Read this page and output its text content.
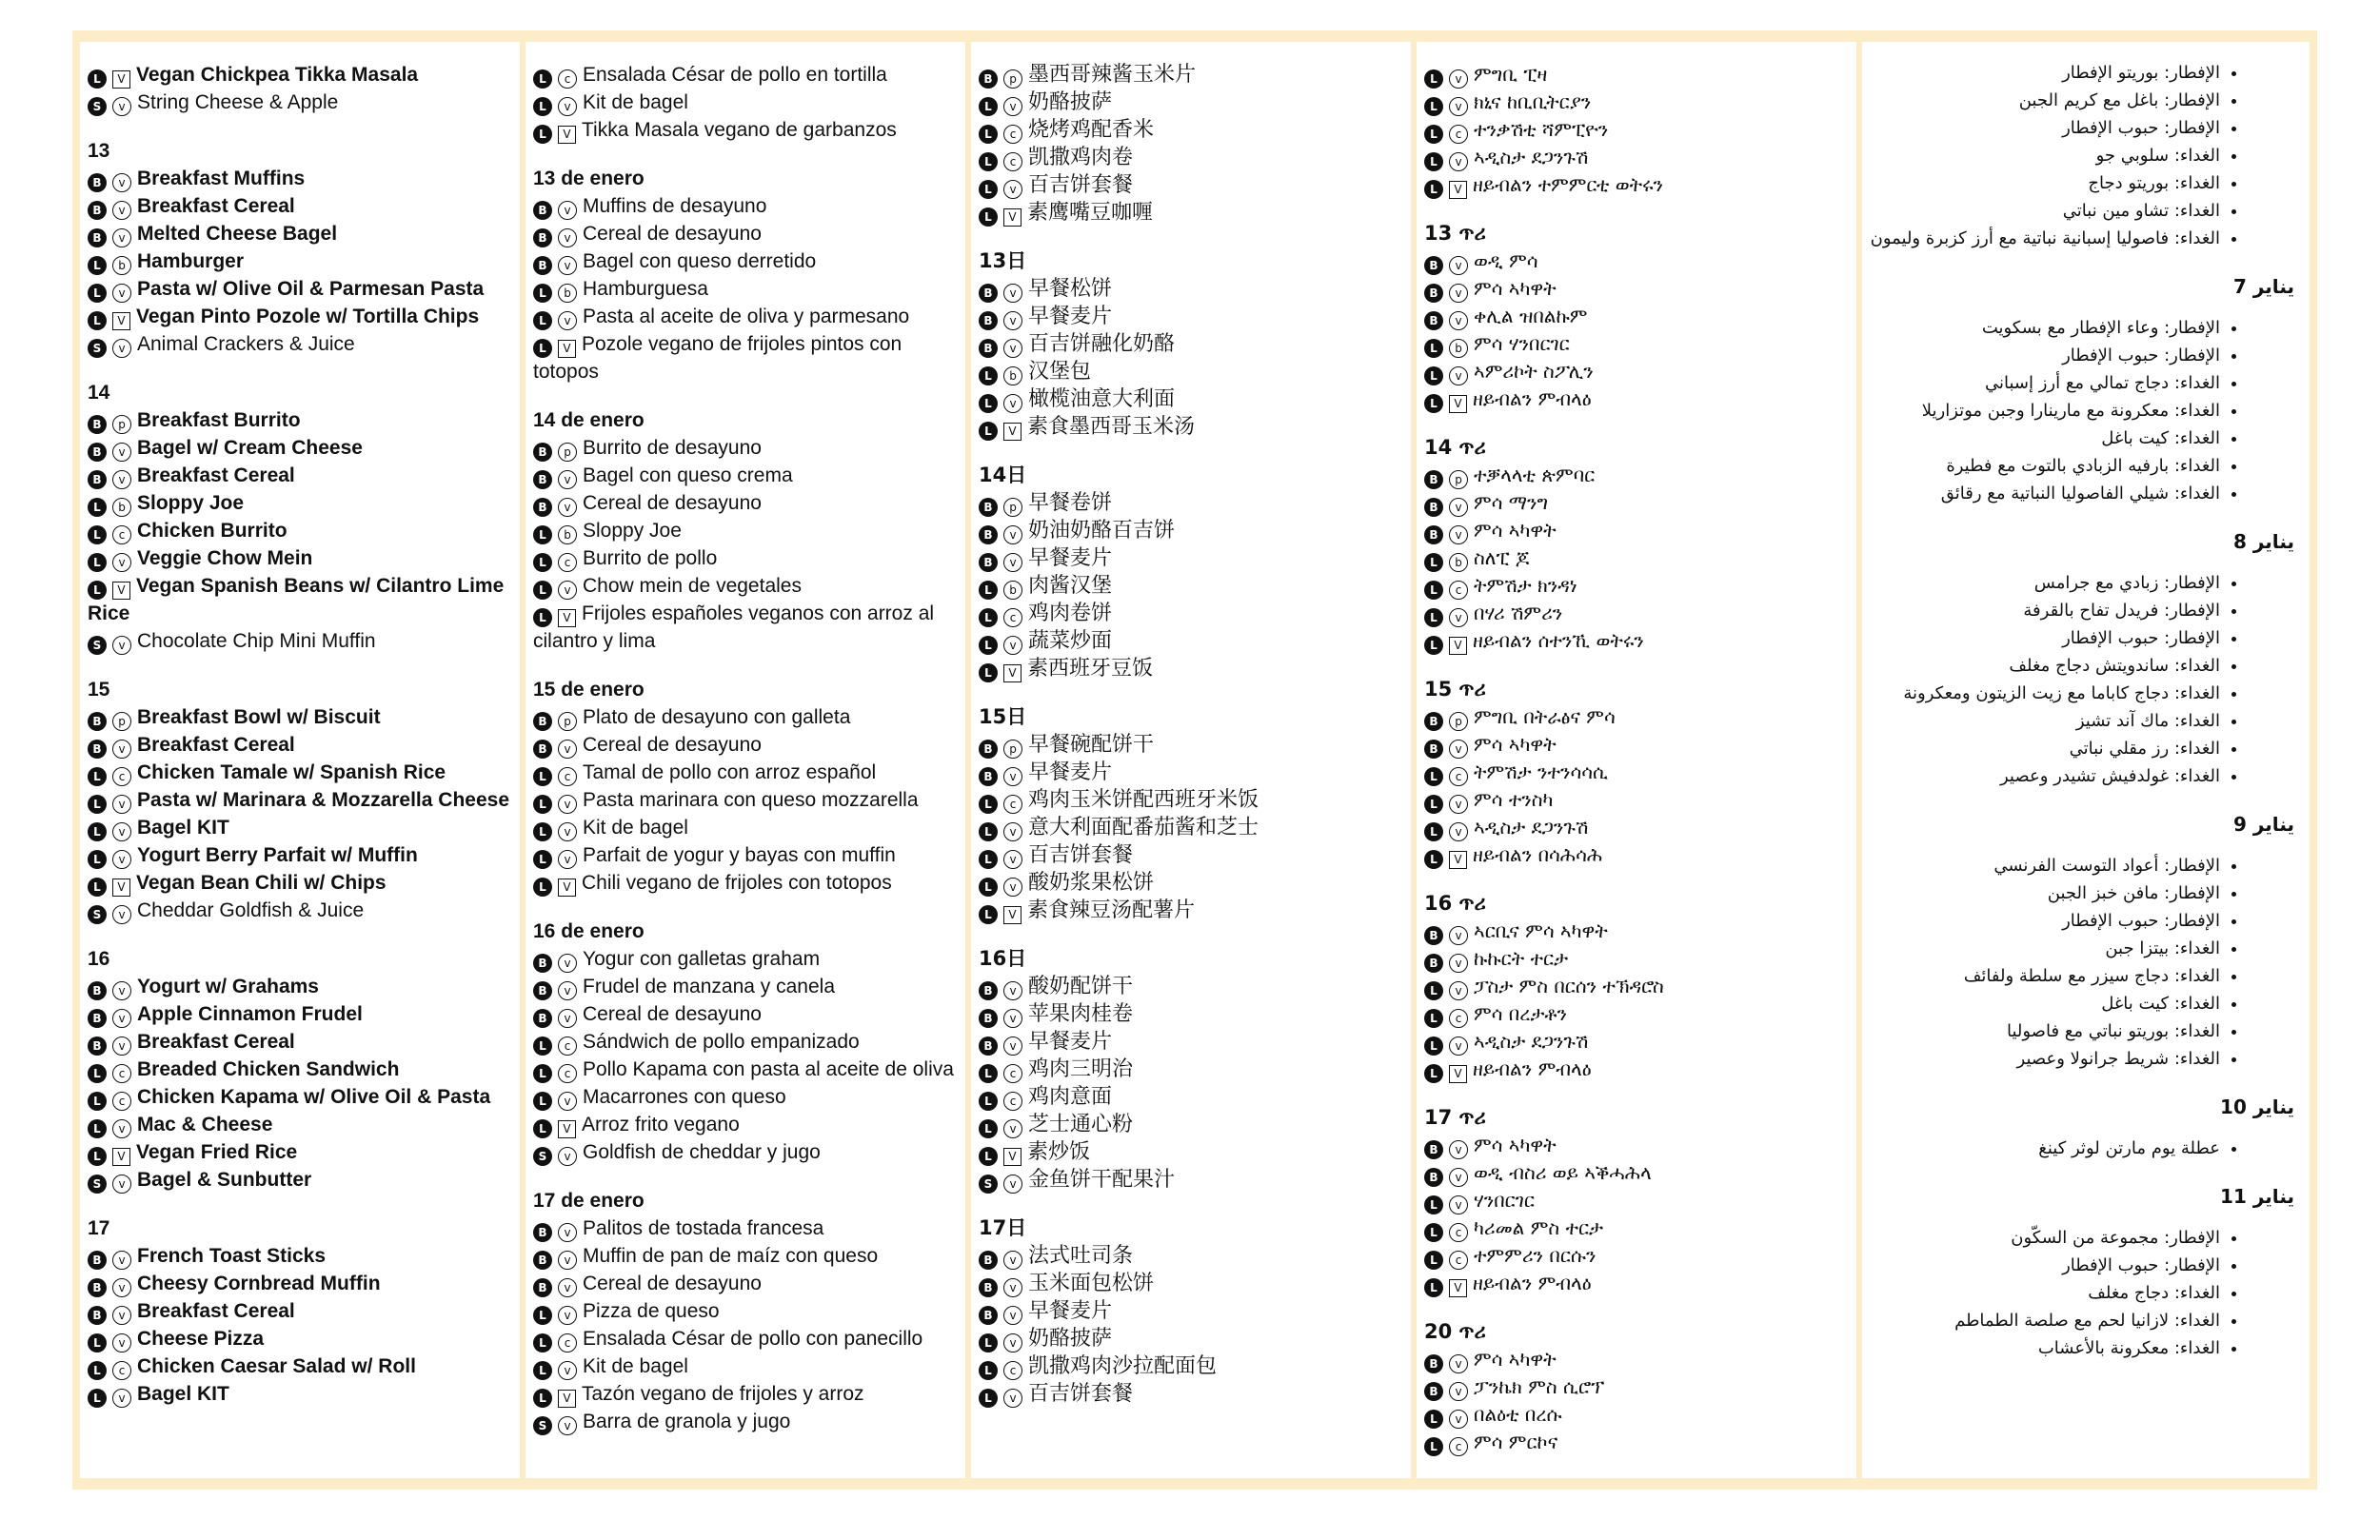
L V Vegan Chickpea Tikka Masala
S v String Cheese & Apple
13
B v Breakfast Muffins
B v Breakfast Cereal
B v Melted Cheese Bagel
L b Hamburger
L v Pasta w/ Olive Oil & Parmesan Pasta
L V Vegan Pinto Pozole w/ Tortilla Chips
S v Animal Crackers & Juice
14
B p Breakfast Burrito
B v Bagel w/ Cream Cheese
B v Breakfast Cereal
L b Sloppy Joe
L c Chicken Burrito
L v Veggie Chow Mein
L V Vegan Spanish Beans w/ Cilantro Lime Rice
S v Chocolate Chip Mini Muffin
15
B p Breakfast Bowl w/ Biscuit
B v Breakfast Cereal
L c Chicken Tamale w/ Spanish Rice
L v Pasta w/ Marinara & Mozzarella Cheese
L v Bagel KIT
L v Yogurt Berry Parfait w/ Muffin
L V Vegan Bean Chili w/ Chips
S v Cheddar Goldfish & Juice
16
B v Yogurt w/ Grahams
B v Apple Cinnamon Frudel
B v Breakfast Cereal
L c Breaded Chicken Sandwich
L c Chicken Kapama w/ Olive Oil & Pasta
L v Mac & Cheese
L V Vegan Fried Rice
S v Bagel & Sunbutter
17
B v French Toast Sticks
B v Cheesy Cornbread Muffin
B v Breakfast Cereal
L v Cheese Pizza
L c Chicken Caesar Salad w/ Roll
L v Bagel KIT
L c Ensalada César de pollo en tortilla
L v Kit de bagel
L V Tikka Masala vegano de garbanzos
13 de enero
B v Muffins de desayuno
B v Cereal de desayuno
B v Bagel con queso derretido
L b Hamburguesa
L v Pasta al aceite de oliva y parmesano
L V Pozole vegano de frijoles pintos con totopos
14 de enero
B p Burrito de desayuno
B v Bagel con queso crema
B v Cereal de desayuno
L b Sloppy Joe
L c Burrito de pollo
L v Chow mein de vegetales
L V Frijoles españoles veganos con arroz al cilantro y lima
15 de enero
B p Plato de desayuno con galleta
B v Cereal de desayuno
L c Tamal de pollo con arroz español
L v Pasta marinara con queso mozzarella
L v Kit de bagel
L v Parfait de yogur y bayas con muffin
L V Chili vegano de frijoles con totopos
16 de enero
B v Yogur con galletas graham
B v Frudel de manzana y canela
B v Cereal de desayuno
L c Sándwich de pollo empanizado
L c Pollo Kapama con pasta al aceite de oliva
L v Macarrones con queso
L V Arroz frito vegano
S v Goldfish de cheddar y jugo
17 de enero
B v Palitos de tostada francesa
B v Muffin de pan de maíz con queso
B v Cereal de desayuno
L v Pizza de queso
L c Ensalada César de pollo con panecillo
L v Kit de bagel
L V Tazón vegano de frijoles y arroz
S v Barra de granola y jugo
B p 墨西哥辣酱玉米片
L v 奶酪披萨
L c 烧烤鸡配香米
L c 凯撒鸡肉卷
L v 百吉饼套餐
L V 素鹰嘴豆咖喱
13日
B v 早餐松饼
B v 早餐麦片
B v 百吉饼融化奶酪
L b 汉堡包
L v 橄榄油意大利面
L V 素食墨西哥玉米汤
14日
B p 早餐卷饼
B v 奶油奶酪百吉饼
B v 早餐麦片
L b 肉酱汉堡
L c 鸡肉卷饼
L v 蔬菜炒面
L V 素西班牙豆饭
15日
B p 早餐碗配饼干
B v 早餐麦片
L c 鸡肉玉米饼配西班牙米饭
L v 意大利面配番茄酱和芝士
L v 百吉饼套餐
L v 酸奶浆果松饼
L V 素食辣豆汤配薯片
16日
B v 酸奶配饼干
B v 苹果肉桂卷
B v 早餐麦片
L c 鸡肉三明治
L c 鸡肉意面
L v 芝士通心粉
L V 素炒饭
S v 金鱼饼干配果汁
17日
B v 法式吐司条
B v 玉米面包松饼
B v 早餐麦片
L v 奶酪披萨
L c 凯撒鸡肉沙拉配面包
L v 百吉饼套餐
L v ምግቢ ፒዛ
L v ክኒና ከቢቢትርያን
L c ተንቃሽቲ ሻምፒዮን
L v ኣዲስታ ደጋንጉሽ
L V ዘይብልን ተምምርቲ ወትሩን
13 ጥሪ
B v ወዲ ምሳ
B v ምሳ ኣካዋት
B v ቀሊል ዝበልኩም
L b ምሳ ሃንበርገር
L v ኣምሪኮት ስፖሊን
L V ዘይብልን ምብላዕ
14 ጥሪ
B p ተቓላላቲ ጵምባር
B v ምሳ ማንግ
B v ምሳ ኣካዋት
L b ስለፒ ጆ
L c ትምሽታ ክንዳነ
L v በሃሪ ሽምሪን
L V ዘይብልን ሰተንኺ ወትሩን
15 ጥሪ
B p ምግቢ በትራፅና ምሳ
B v ምሳ ኣካዋት
L c ትምሽታ ንተንሳሳሲ
L v ምሳ ተንስካ
L v ኣዲስታ ደጋንጉሽ
L V ዘይብልን በሳሕሳሕ
16 ጥሪ
B v ኣርቢና ምሳ ኣካዋት
B v ኩኩርት ተርታ
L v ፓስታ ምስ በርሰን ተኽዳሮስ
L c ምሳ በረታቶን
L v ኣዲስታ ደጋንጉሽ
L V ዘይብልን ምብላዕ
17 ጥሪ
B v ምሳ ኣካዋት
B v ወዲ ብስሪ ወይ ኣቕሓሕላ
L v ሃንበርገር
L c ካሪመል ምስ ተርታ
L c ተምምሪን በርሱን
L V ዘይብልን ምብላዕ
20 ጥሪ
B v ምሳ ኣካዋት
B v ፓንኬክ ምስ ሲሮፕ
L v በልዕቲ በረሱ
L c ምሳ ምርኮና
• الإفطار: بوريتو الإفطار
• الإفطار: باغل مع كريم الجبن
• الإفطار: حبوب الإفطار
• الغداء: سلوبي جو
• الغداء: بوريتو دجاج
• الغداء: تشاو مين نباتي
• الغداء: فاصوليا إسبانية نباتية مع أرز كزبرة وليمون
يناير 7
• الإفطار: وعاء الإفطار مع بسكويت
• الإفطار: حبوب الإفطار
• الغداء: دجاج تمالي مع أرز إسباني
• الغداء: معكرونة مع مارينارا وجبن موتزاريلا
• الغداء: كيت باغل
• الغداء: بارفيه الزبادي بالتوت مع فطيرة
• الغداء: شيلي الفاصوليا النباتية مع رقائق
يناير 8
• الإفطار: زبادي مع جرامس
• الإفطار: فريدل تفاح بالقرفة
• الإفطار: حبوب الإفطار
• الغداء: ساندويتش دجاج مغلف
• الغداء: دجاج كاباما مع زيت الزيتون ومعكرونة
• الغداء: ماك آند تشيز
• الغداء: رز مقلي نباتي
• الغداء: غولدفيش تشيدر وعصير
يناير 9
• الإفطار: أعواد التوست الفرنسي
• الإفطار: مافن خبز الجبن
• الإفطار: حبوب الإفطار
• الغداء: بيتزا جبن
• الغداء: دجاج سيزر مع سلطة ولفائف
• الغداء: كيت باغل
• الغداء: بوريتو نباتي مع فاصوليا
• الغداء: شريط جرانولا وعصير
يناير 10
• عطلة يوم مارتن لوثر كينغ
يناير 11
• الإفطار: مجموعة من السكّون
• الإفطار: حبوب الإفطار
• الغداء: دجاج مغلف
• الغداء: لازانيا لحم مع صلصة الطماطم
• الغداء: معكرونة بالأعشاب
